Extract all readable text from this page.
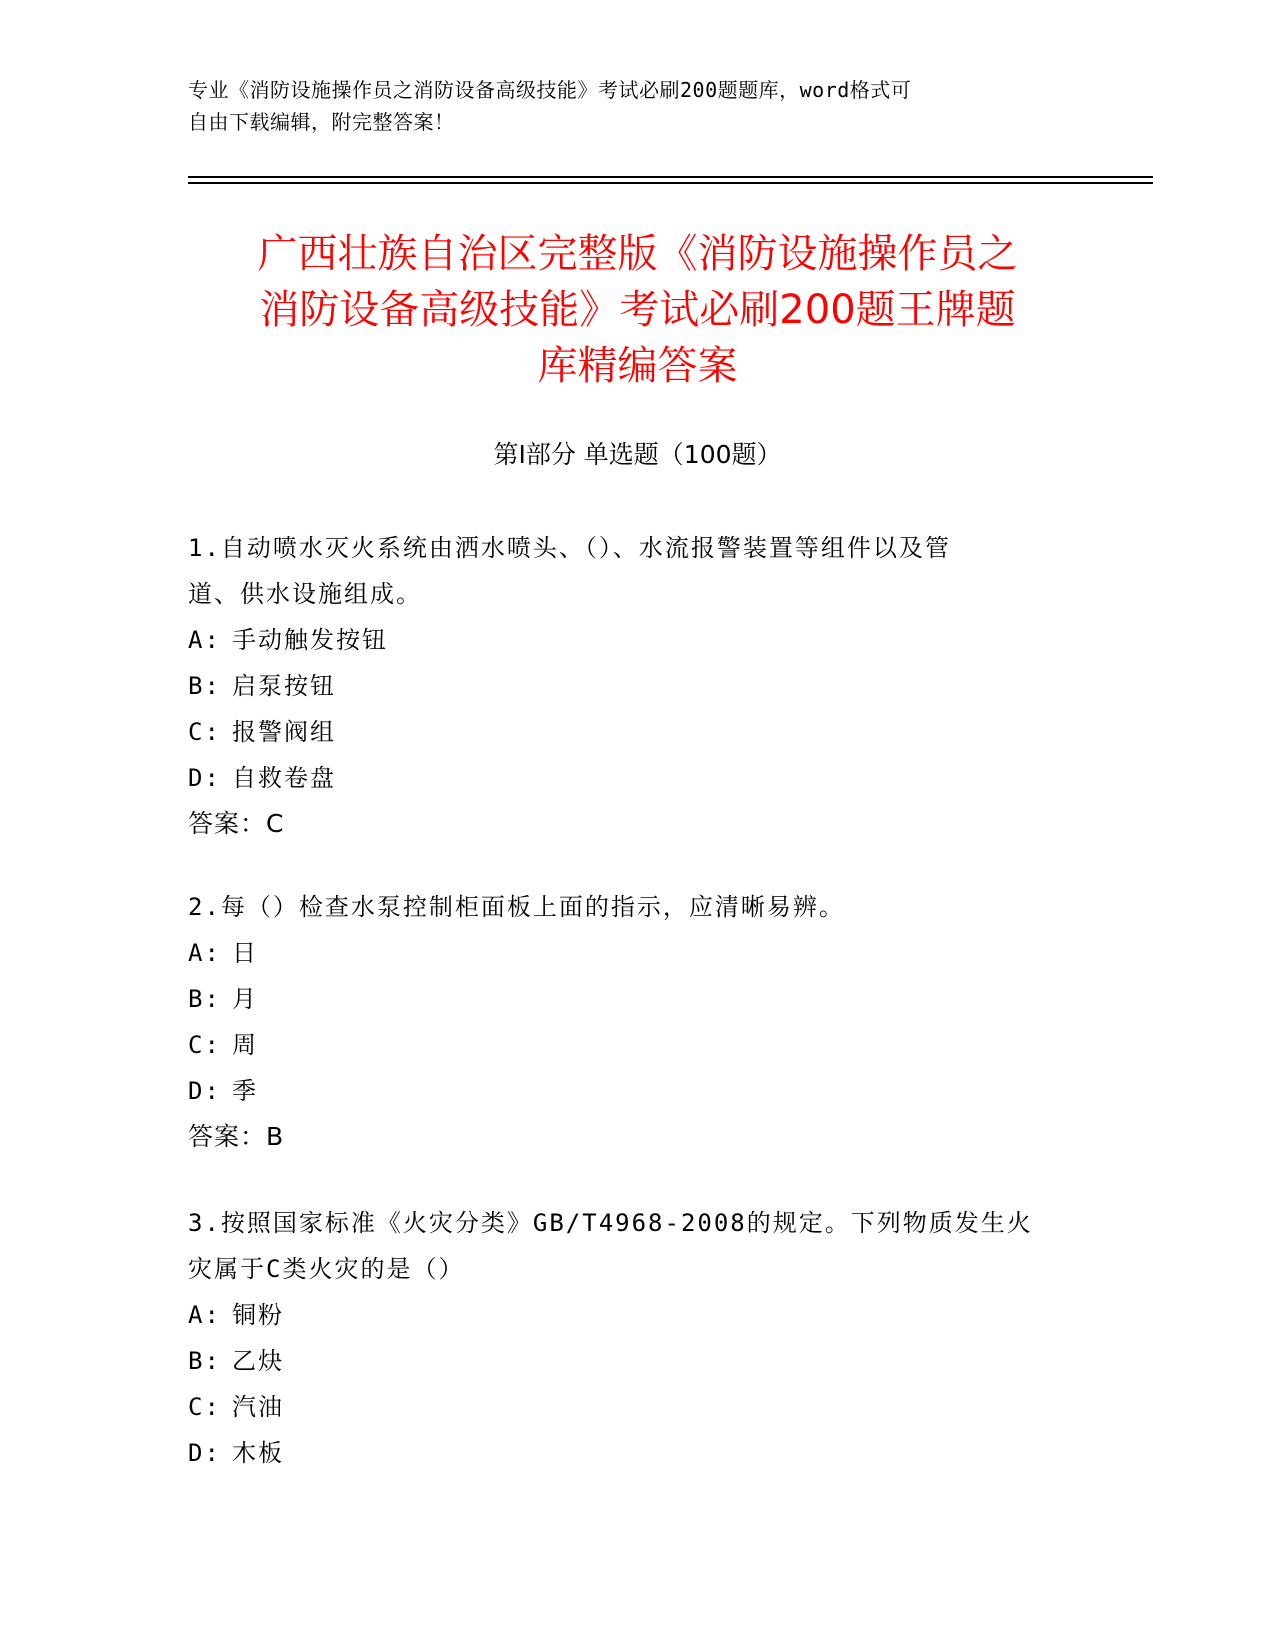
专业《消防设施操作员之消防设备高级技能》考试必刷200题题库，word格式可
自由下载编辑，附完整答案！
广西壮族自治区完整版《消防设施操作员之
消防设备高级技能》考试必刷200题王牌题
库精编答案
第Ⅰ部分 单选题（100题）
1.自动喷水灭火系统由洒水喷头、（）、水流报警装置等组件以及管
道、供水设施组成。
A: 手动触发按钮
B: 启泵按钮
C: 报警阀组
D: 自救卷盘
答案：C
2.每（）检查水泵控制柜面板上面的指示，应清晰易辨。
A: 日
B: 月
C: 周
D: 季
答案：B
3.按照国家标准《火灾分类》GB/T4968-2008的规定。下列物质发生火
灾属于C类火灾的是（）
A: 铜粉
B: 乙炔
C: 汽油
D: 木板
